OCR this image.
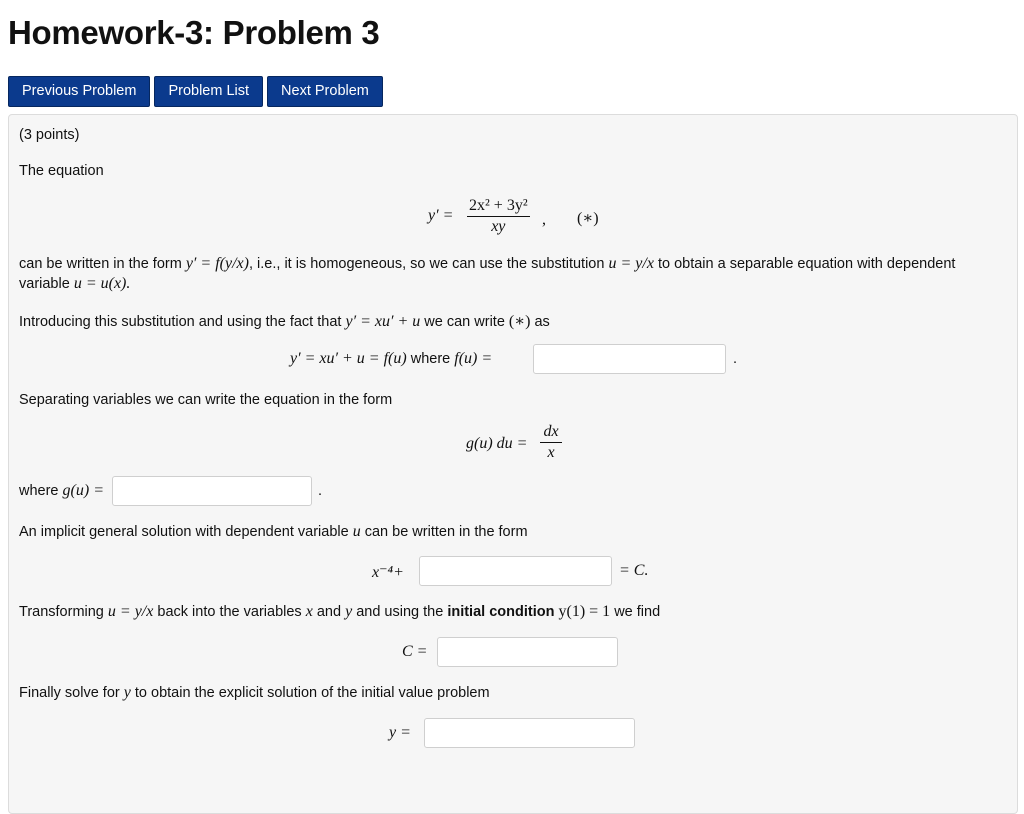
Homework-3: Problem 3
Previous Problem	Problem List	Next Problem
(3 points)
The equation
y′ =
2x² + 3y²
xy	, (∗)
can be written in the form y′ = f(y/x), i.e., it is homogeneous, so we can use the substitution u = y/x to obtain a separable equation with dependent
variable u = u(x).
Introducing this substitution and using the fact that y′ = xu′ + u we can write (∗) as
y′ = xu′ + u = f(u) where f(u) =	.
Separating variables we can write the equation in the form
g(u) du =
dx
x
where g(u) =	.
An implicit general solution with dependent variable u can be written in the form
x⁻⁴+	= C.
Transforming u = y/x back into the variables x and y and using the initial condition y(1) = 1 we find
C =
Finally solve for y to obtain the explicit solution of the initial value problem
y =
